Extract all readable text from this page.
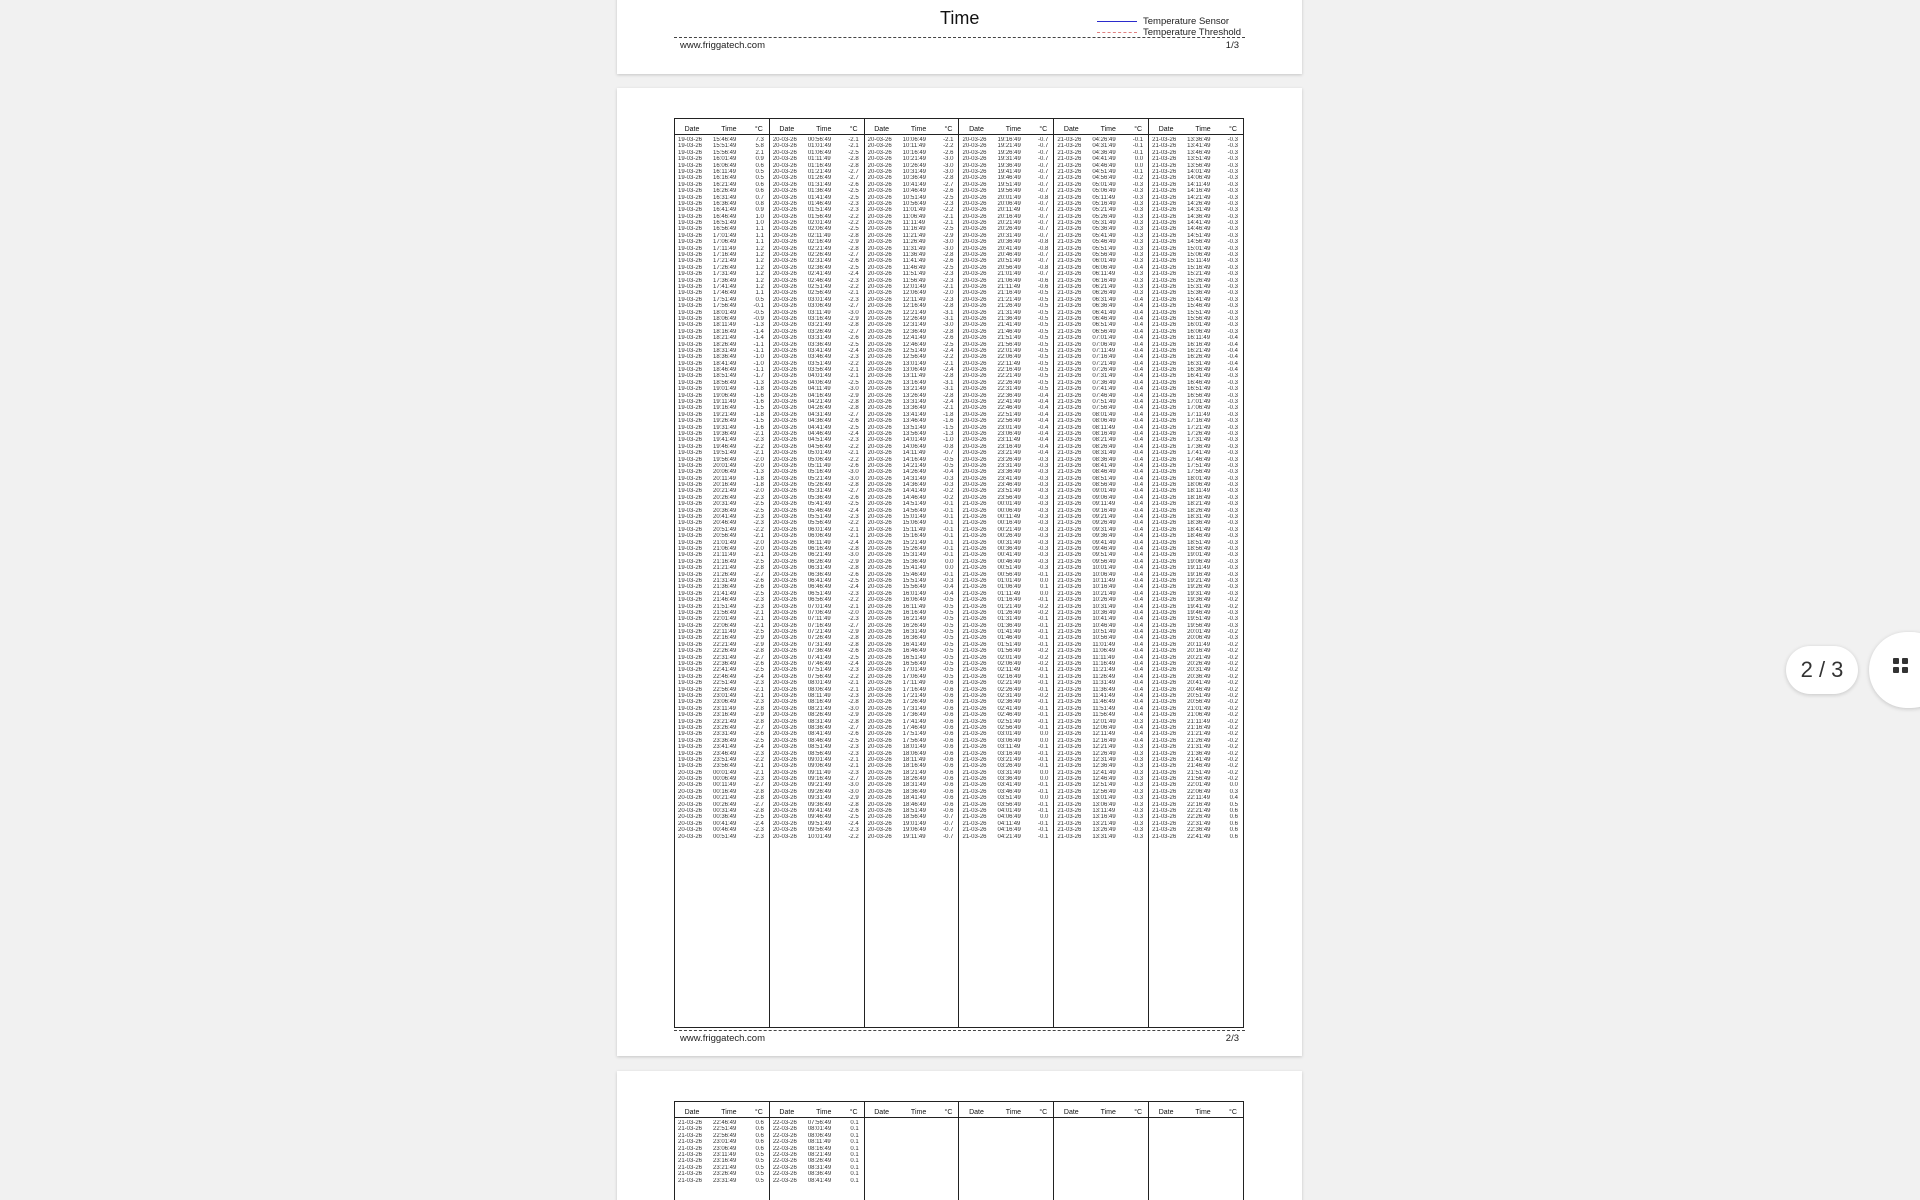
Time	Temperature Sensor
Temperature Threshold
www.friggatech.com	1/3
Date	Time	°C
19-03-26	15:46:49	7.3
19-03-26	15:51:49	5.8
19-03-26	15:56:49	2.1
19-03-26	16:01:49	0.9
19-03-26	16:06:49	0.6
19-03-26	16:11:49	0.5
19-03-26	16:16:49	0.5
19-03-26	16:21:49	0.6
19-03-26	16:26:49	0.6
19-03-26	16:31:49	0.7
19-03-26	16:36:49	0.8
19-03-26	16:41:49	0.9
19-03-26	16:46:49	1.0
19-03-26	16:51:49	1.0
19-03-26	16:56:49	1.1
19-03-26	17:01:49	1.1
19-03-26	17:06:49	1.1
19-03-26	17:11:49	1.2
19-03-26	17:16:49	1.2
19-03-26	17:21:49	1.2
19-03-26	17:26:49	1.2
19-03-26	17:31:49	1.2
19-03-26	17:36:49	1.2
19-03-26	17:41:49	1.2
19-03-26	17:46:49	1.1
19-03-26	17:51:49	0.5
19-03-26	17:56:49	-0.1
19-03-26	18:01:49	-0.5
19-03-26	18:06:49	-0.9
19-03-26	18:11:49	-1.3
19-03-26	18:16:49	-1.4
19-03-26	18:21:49	-1.4
19-03-26	18:26:49	-1.1
19-03-26	18:31:49	-1.1
19-03-26	18:36:49	-1.0
19-03-26	18:41:49	-1.0
19-03-26	18:46:49	-1.1
19-03-26	18:51:49	-1.7
19-03-26	18:56:49	-1.3
19-03-26	19:01:49	-1.8
19-03-26	19:06:49	-1.6
19-03-26	19:11:49	-1.6
19-03-26	19:16:49	-1.5
19-03-26	19:21:49	-1.8
19-03-26	19:26:49	-1.5
19-03-26	19:31:49	-1.6
19-03-26	19:36:49	-2.1
19-03-26	19:41:49	-2.3
19-03-26	19:46:49	-2.2
19-03-26	19:51:49	-2.1
19-03-26	19:56:49	-2.0
19-03-26	20:01:49	-2.0
19-03-26	20:06:49	-1.3
19-03-26	20:11:49	-1.8
19-03-26	20:16:49	-1.8
19-03-26	20:21:49	-2.0
19-03-26	20:26:49	-2.3
19-03-26	20:31:49	-2.5
19-03-26	20:36:49	-2.5
19-03-26	20:41:49	-2.3
19-03-26	20:46:49	-2.3
19-03-26	20:51:49	-2.2
19-03-26	20:56:49	-2.1
19-03-26	21:01:49	-2.0
19-03-26	21:06:49	-2.0
19-03-26	21:11:49	-2.1
19-03-26	21:16:49	-2.5
19-03-26	21:21:49	-2.8
19-03-26	21:26:49	-2.7
19-03-26	21:31:49	-2.6
19-03-26	21:36:49	-2.6
19-03-26	21:41:49	-2.5
19-03-26	21:46:49	-2.3
19-03-26	21:51:49	-2.3
19-03-26	21:56:49	-2.1
19-03-26	22:01:49	-2.1
19-03-26	22:06:49	-2.1
19-03-26	22:11:49	-2.5
19-03-26	22:16:49	-2.9
19-03-26	22:21:49	-2.9
19-03-26	22:26:49	-2.8
19-03-26	22:31:49	-2.7
19-03-26	22:36:49	-2.6
19-03-26	22:41:49	-2.5
19-03-26	22:46:49	-2.4
19-03-26	22:51:49	-2.3
19-03-26	22:56:49	-2.1
19-03-26	23:01:49	-2.1
19-03-26	23:06:49	-2.3
19-03-26	23:11:49	-2.8
19-03-26	23:16:49	-2.9
19-03-26	23:21:49	-2.8
19-03-26	23:26:49	-2.7
19-03-26	23:31:49	-2.6
19-03-26	23:36:49	-2.5
19-03-26	23:41:49	-2.4
19-03-26	23:46:49	-2.3
19-03-26	23:51:49	-2.2
19-03-26	23:56:49	-2.1
20-03-26	00:01:49	-2.1
20-03-26	00:06:49	-2.3
20-03-26	00:11:49	-2.7
20-03-26	00:16:49	-2.8
20-03-26	00:21:49	-2.8
20-03-26	00:26:49	-2.7
20-03-26	00:31:49	-2.8
20-03-26	00:36:49	-2.5
20-03-26	00:41:49	-2.4
20-03-26	00:46:49	-2.3
20-03-26	00:51:49	-2.3
Date	Time	°C
20-03-26	00:56:49	-2.1
20-03-26	01:01:49	-2.1
20-03-26	01:06:49	-2.5
20-03-26	01:11:49	-2.8
20-03-26	01:16:49	-2.8
20-03-26	01:21:49	-2.7
20-03-26	01:26:49	-2.7
20-03-26	01:31:49	-2.6
20-03-26	01:36:49	-2.5
20-03-26	01:41:49	-2.5
20-03-26	01:46:49	-2.3
20-03-26	01:51:49	-2.3
20-03-26	01:56:49	-2.2
20-03-26	02:01:49	-2.2
20-03-26	02:06:49	-2.5
20-03-26	02:11:49	-2.8
20-03-26	02:16:49	-2.9
20-03-26	02:21:49	-2.8
20-03-26	02:26:49	-2.7
20-03-26	02:31:49	-2.6
20-03-26	02:36:49	-2.5
20-03-26	02:41:49	-2.4
20-03-26	02:46:49	-2.3
20-03-26	02:51:49	-2.2
20-03-26	02:56:49	-2.1
20-03-26	03:01:49	-2.3
20-03-26	03:06:49	-2.7
20-03-26	03:11:49	-3.0
20-03-26	03:16:49	-2.9
20-03-26	03:21:49	-2.8
20-03-26	03:26:49	-2.7
20-03-26	03:31:49	-2.6
20-03-26	03:36:49	-2.5
20-03-26	03:41:49	-2.4
20-03-26	03:46:49	-2.3
20-03-26	03:51:49	-2.2
20-03-26	03:56:49	-2.1
20-03-26	04:01:49	-2.1
20-03-26	04:06:49	-2.5
20-03-26	04:11:49	-3.0
20-03-26	04:16:49	-2.9
20-03-26	04:21:49	-2.8
20-03-26	04:26:49	-2.8
20-03-26	04:31:49	-2.7
20-03-26	04:36:49	-2.6
20-03-26	04:41:49	-2.5
20-03-26	04:46:49	-2.4
20-03-26	04:51:49	-2.3
20-03-26	04:56:49	-2.2
20-03-26	05:01:49	-2.1
20-03-26	05:06:49	-2.2
20-03-26	05:11:49	-2.6
20-03-26	05:16:49	-3.0
20-03-26	05:21:49	-3.0
20-03-26	05:26:49	-2.8
20-03-26	05:31:49	-2.7
20-03-26	05:36:49	-2.6
20-03-26	05:41:49	-2.5
20-03-26	05:46:49	-2.4
20-03-26	05:51:49	-2.3
20-03-26	05:56:49	-2.2
20-03-26	06:01:49	-2.1
20-03-26	06:06:49	-2.1
20-03-26	06:11:49	-2.4
20-03-26	06:16:49	-2.8
20-03-26	06:21:49	-3.0
20-03-26	06:26:49	-2.9
20-03-26	06:31:49	-2.8
20-03-26	06:36:49	-2.6
20-03-26	06:41:49	-2.5
20-03-26	06:46:49	-2.4
20-03-26	06:51:49	-2.3
20-03-26	06:56:49	-2.2
20-03-26	07:01:49	-2.1
20-03-26	07:06:49	-2.0
20-03-26	07:11:49	-2.3
20-03-26	07:16:49	-2.7
20-03-26	07:21:49	-2.9
20-03-26	07:26:49	-2.8
20-03-26	07:31:49	-2.8
20-03-26	07:36:49	-2.6
20-03-26	07:41:49	-2.5
20-03-26	07:46:49	-2.4
20-03-26	07:51:49	-2.3
20-03-26	07:56:49	-2.2
20-03-26	08:01:49	-2.1
20-03-26	08:06:49	-2.1
20-03-26	08:11:49	-2.3
20-03-26	08:16:49	-2.8
20-03-26	08:21:49	-3.0
20-03-26	08:26:49	-2.9
20-03-26	08:31:49	-2.8
20-03-26	08:36:49	-2.7
20-03-26	08:41:49	-2.6
20-03-26	08:46:49	-2.5
20-03-26	08:51:49	-2.3
20-03-26	08:56:49	-2.3
20-03-26	09:01:49	-2.1
20-03-26	09:06:49	-2.1
20-03-26	09:11:49	-2.3
20-03-26	09:16:49	-2.7
20-03-26	09:21:49	-3.0
20-03-26	09:26:49	-3.0
20-03-26	09:31:49	-2.9
20-03-26	09:36:49	-2.8
20-03-26	09:41:49	-2.6
20-03-26	09:46:49	-2.5
20-03-26	09:51:49	-2.4
20-03-26	09:56:49	-2.3
20-03-26	10:01:49	-2.2
Date	Time	°C
20-03-26	10:06:49	-2.1
20-03-26	10:11:49	-2.2
20-03-26	10:16:49	-2.6
20-03-26	10:21:49	-3.0
20-03-26	10:26:49	-3.0
20-03-26	10:31:49	-3.0
20-03-26	10:36:49	-2.8
20-03-26	10:41:49	-2.7
20-03-26	10:46:49	-2.6
20-03-26	10:51:49	-2.5
20-03-26	10:56:49	-2.3
20-03-26	11:01:49	-2.2
20-03-26	11:06:49	-2.1
20-03-26	11:11:49	-2.1
20-03-26	11:16:49	-2.5
20-03-26	11:21:49	-2.9
20-03-26	11:26:49	-3.0
20-03-26	11:31:49	-3.0
20-03-26	11:36:49	-2.8
20-03-26	11:41:49	-2.6
20-03-26	11:46:49	-2.5
20-03-26	11:51:49	-2.3
20-03-26	11:56:49	-2.3
20-03-26	12:01:49	-2.1
20-03-26	12:06:49	-2.0
20-03-26	12:11:49	-2.3
20-03-26	12:16:49	-2.8
20-03-26	12:21:49	-3.1
20-03-26	12:26:49	-3.1
20-03-26	12:31:49	-3.0
20-03-26	12:36:49	-2.8
20-03-26	12:41:49	-2.6
20-03-26	12:46:49	-2.5
20-03-26	12:51:49	-2.4
20-03-26	12:56:49	-2.2
20-03-26	13:01:49	-2.1
20-03-26	13:06:49	-2.4
20-03-26	13:11:49	-2.8
20-03-26	13:16:49	-3.1
20-03-26	13:21:49	-3.1
20-03-26	13:26:49	-2.8
20-03-26	13:31:49	-2.4
20-03-26	13:36:49	-2.1
20-03-26	13:41:49	-1.8
20-03-26	13:46:49	-1.6
20-03-26	13:51:49	-1.5
20-03-26	13:56:49	-1.3
20-03-26	14:01:49	-1.0
20-03-26	14:06:49	-0.8
20-03-26	14:11:49	-0.7
20-03-26	14:16:49	-0.5
20-03-26	14:21:49	-0.5
20-03-26	14:26:49	-0.4
20-03-26	14:31:49	-0.3
20-03-26	14:36:49	-0.3
20-03-26	14:41:49	-0.2
20-03-26	14:46:49	-0.2
20-03-26	14:51:49	-0.1
20-03-26	14:56:49	-0.1
20-03-26	15:01:49	-0.1
20-03-26	15:06:49	-0.1
20-03-26	15:11:49	-0.1
20-03-26	15:16:49	-0.1
20-03-26	15:21:49	-0.1
20-03-26	15:26:49	-0.1
20-03-26	15:31:49	-0.1
20-03-26	15:36:49	0.0
20-03-26	15:41:49	0.0
20-03-26	15:46:49	-0.1
20-03-26	15:51:49	-0.3
20-03-26	15:56:49	-0.4
20-03-26	16:01:49	-0.4
20-03-26	16:06:49	-0.5
20-03-26	16:11:49	-0.5
20-03-26	16:16:49	-0.5
20-03-26	16:21:49	-0.5
20-03-26	16:26:49	-0.5
20-03-26	16:31:49	-0.5
20-03-26	16:36:49	-0.5
20-03-26	16:41:49	-0.5
20-03-26	16:46:49	-0.5
20-03-26	16:51:49	-0.5
20-03-26	16:56:49	-0.5
20-03-26	17:01:49	-0.5
20-03-26	17:06:49	-0.5
20-03-26	17:11:49	-0.6
20-03-26	17:16:49	-0.6
20-03-26	17:21:49	-0.6
20-03-26	17:26:49	-0.6
20-03-26	17:31:49	-0.6
20-03-26	17:36:49	-0.6
20-03-26	17:41:49	-0.6
20-03-26	17:46:49	-0.6
20-03-26	17:51:49	-0.6
20-03-26	17:56:49	-0.6
20-03-26	18:01:49	-0.6
20-03-26	18:06:49	-0.6
20-03-26	18:11:49	-0.6
20-03-26	18:16:49	-0.6
20-03-26	18:21:49	-0.6
20-03-26	18:26:49	-0.6
20-03-26	18:31:49	-0.6
20-03-26	18:36:49	-0.6
20-03-26	18:41:49	-0.6
20-03-26	18:46:49	-0.6
20-03-26	18:51:49	-0.6
20-03-26	18:56:49	-0.7
20-03-26	19:01:49	-0.7
20-03-26	19:06:49	-0.7
20-03-26	19:11:49	-0.7
Date	Time	°C
20-03-26	19:16:49	-0.7
20-03-26	19:21:49	-0.7
20-03-26	19:26:49	-0.7
20-03-26	19:31:49	-0.7
20-03-26	19:36:49	-0.7
20-03-26	19:41:49	-0.7
20-03-26	19:46:49	-0.7
20-03-26	19:51:49	-0.7
20-03-26	19:56:49	-0.7
20-03-26	20:01:49	-0.8
20-03-26	20:06:49	-0.7
20-03-26	20:11:49	-0.7
20-03-26	20:16:49	-0.7
20-03-26	20:21:49	-0.7
20-03-26	20:26:49	-0.7
20-03-26	20:31:49	-0.7
20-03-26	20:36:49	-0.8
20-03-26	20:41:49	-0.8
20-03-26	20:46:49	-0.7
20-03-26	20:51:49	-0.7
20-03-26	20:56:49	-0.8
20-03-26	21:01:49	-0.7
20-03-26	21:06:49	-0.6
20-03-26	21:11:49	-0.6
20-03-26	21:16:49	-0.5
20-03-26	21:21:49	-0.5
20-03-26	21:26:49	-0.5
20-03-26	21:31:49	-0.5
20-03-26	21:36:49	-0.5
20-03-26	21:41:49	-0.5
20-03-26	21:46:49	-0.5
20-03-26	21:51:49	-0.5
20-03-26	21:56:49	-0.5
20-03-26	22:01:49	-0.5
20-03-26	22:06:49	-0.5
20-03-26	22:11:49	-0.5
20-03-26	22:16:49	-0.5
20-03-26	22:21:49	-0.5
20-03-26	22:26:49	-0.5
20-03-26	22:31:49	-0.5
20-03-26	22:36:49	-0.4
20-03-26	22:41:49	-0.4
20-03-26	22:46:49	-0.4
20-03-26	22:51:49	-0.4
20-03-26	22:56:49	-0.4
20-03-26	23:01:49	-0.4
20-03-26	23:06:49	-0.4
20-03-26	23:11:49	-0.4
20-03-26	23:16:49	-0.4
20-03-26	23:21:49	-0.4
20-03-26	23:26:49	-0.3
20-03-26	23:31:49	-0.3
20-03-26	23:36:49	-0.3
20-03-26	23:41:49	-0.3
20-03-26	23:46:49	-0.3
20-03-26	23:51:49	-0.3
20-03-26	23:56:49	-0.3
21-03-26	00:01:49	-0.3
21-03-26	00:06:49	-0.3
21-03-26	00:11:49	-0.3
21-03-26	00:16:49	-0.3
21-03-26	00:21:49	-0.3
21-03-26	00:26:49	-0.3
21-03-26	00:31:49	-0.3
21-03-26	00:36:49	-0.3
21-03-26	00:41:49	-0.3
21-03-26	00:46:49	-0.3
21-03-26	00:51:49	-0.3
21-03-26	00:56:49	-0.1
21-03-26	01:01:49	0.0
21-03-26	01:06:49	0.1
21-03-26	01:11:49	0.0
21-03-26	01:16:49	-0.1
21-03-26	01:21:49	-0.2
21-03-26	01:26:49	-0.2
21-03-26	01:31:49	-0.1
21-03-26	01:36:49	-0.1
21-03-26	01:41:49	-0.1
21-03-26	01:46:49	-0.1
21-03-26	01:51:49	-0.1
21-03-26	01:56:49	-0.2
21-03-26	02:01:49	-0.2
21-03-26	02:06:49	-0.2
21-03-26	02:11:49	-0.1
21-03-26	02:16:49	-0.1
21-03-26	02:21:49	-0.1
21-03-26	02:26:49	-0.1
21-03-26	02:31:49	-0.2
21-03-26	02:36:49	-0.1
21-03-26	02:41:49	-0.1
21-03-26	02:46:49	-0.1
21-03-26	02:51:49	-0.1
21-03-26	02:56:49	-0.1
21-03-26	03:01:49	0.0
21-03-26	03:06:49	0.0
21-03-26	03:11:49	-0.1
21-03-26	03:16:49	-0.1
21-03-26	03:21:49	-0.1
21-03-26	03:26:49	-0.1
21-03-26	03:31:49	0.0
21-03-26	03:36:49	0.0
21-03-26	03:41:49	-0.1
21-03-26	03:46:49	-0.1
21-03-26	03:51:49	0.0
21-03-26	03:56:49	-0.1
21-03-26	04:01:49	-0.1
21-03-26	04:06:49	0.0
21-03-26	04:11:49	-0.1
21-03-26	04:16:49	-0.1
21-03-26	04:21:49	-0.1
Date	Time	°C
21-03-26	04:26:49	-0.1
21-03-26	04:31:49	-0.1
21-03-26	04:36:49	-0.1
21-03-26	04:41:49	0.0
21-03-26	04:46:49	0.0
21-03-26	04:51:49	-0.1
21-03-26	04:56:49	-0.2
21-03-26	05:01:49	-0.3
21-03-26	05:06:49	-0.3
21-03-26	05:11:49	-0.3
21-03-26	05:16:49	-0.3
21-03-26	05:21:49	-0.3
21-03-26	05:26:49	-0.3
21-03-26	05:31:49	-0.3
21-03-26	05:36:49	-0.3
21-03-26	05:41:49	-0.3
21-03-26	05:46:49	-0.3
21-03-26	05:51:49	-0.3
21-03-26	05:56:49	-0.3
21-03-26	06:01:49	-0.3
21-03-26	06:06:49	-0.4
21-03-26	06:11:49	-0.3
21-03-26	06:16:49	-0.3
21-03-26	06:21:49	-0.3
21-03-26	06:26:49	-0.3
21-03-26	06:31:49	-0.4
21-03-26	06:36:49	-0.4
21-03-26	06:41:49	-0.4
21-03-26	06:46:49	-0.4
21-03-26	06:51:49	-0.4
21-03-26	06:56:49	-0.4
21-03-26	07:01:49	-0.4
21-03-26	07:06:49	-0.4
21-03-26	07:11:49	-0.4
21-03-26	07:16:49	-0.4
21-03-26	07:21:49	-0.4
21-03-26	07:26:49	-0.4
21-03-26	07:31:49	-0.4
21-03-26	07:36:49	-0.4
21-03-26	07:41:49	-0.4
21-03-26	07:46:49	-0.4
21-03-26	07:51:49	-0.4
21-03-26	07:56:49	-0.4
21-03-26	08:01:49	-0.4
21-03-26	08:06:49	-0.4
21-03-26	08:11:49	-0.4
21-03-26	08:16:49	-0.4
21-03-26	08:21:49	-0.4
21-03-26	08:26:49	-0.4
21-03-26	08:31:49	-0.4
21-03-26	08:36:49	-0.4
21-03-26	08:41:49	-0.4
21-03-26	08:46:49	-0.4
21-03-26	08:51:49	-0.4
21-03-26	08:56:49	-0.4
21-03-26	09:01:49	-0.4
21-03-26	09:06:49	-0.4
21-03-26	09:11:49	-0.4
21-03-26	09:16:49	-0.4
21-03-26	09:21:49	-0.4
21-03-26	09:26:49	-0.4
21-03-26	09:31:49	-0.4
21-03-26	09:36:49	-0.4
21-03-26	09:41:49	-0.4
21-03-26	09:46:49	-0.4
21-03-26	09:51:49	-0.4
21-03-26	09:56:49	-0.4
21-03-26	10:01:49	-0.4
21-03-26	10:06:49	-0.4
21-03-26	10:11:49	-0.4
21-03-26	10:16:49	-0.4
21-03-26	10:21:49	-0.4
21-03-26	10:26:49	-0.4
21-03-26	10:31:49	-0.4
21-03-26	10:36:49	-0.4
21-03-26	10:41:49	-0.4
21-03-26	10:46:49	-0.4
21-03-26	10:51:49	-0.4
21-03-26	10:56:49	-0.4
21-03-26	11:01:49	-0.4
21-03-26	11:06:49	-0.4
21-03-26	11:11:49	-0.4
21-03-26	11:16:49	-0.4
21-03-26	11:21:49	-0.4
21-03-26	11:26:49	-0.4
21-03-26	11:31:49	-0.4
21-03-26	11:36:49	-0.4
21-03-26	11:41:49	-0.4
21-03-26	11:46:49	-0.4
21-03-26	11:51:49	-0.4
21-03-26	11:56:49	-0.4
21-03-26	12:01:49	-0.3
21-03-26	12:06:49	-0.4
21-03-26	12:11:49	-0.4
21-03-26	12:16:49	-0.4
21-03-26	12:21:49	-0.3
21-03-26	12:26:49	-0.3
21-03-26	12:31:49	-0.3
21-03-26	12:36:49	-0.3
21-03-26	12:41:49	-0.3
21-03-26	12:46:49	-0.3
21-03-26	12:51:49	-0.3
21-03-26	12:56:49	-0.3
21-03-26	13:01:49	-0.3
21-03-26	13:06:49	-0.3
21-03-26	13:11:49	-0.3
21-03-26	13:16:49	-0.3
21-03-26	13:21:49	-0.3
21-03-26	13:26:49	-0.3
21-03-26	13:31:49	-0.3
Date	Time	°C
21-03-26	13:36:49	-0.3
21-03-26	13:41:49	-0.3
21-03-26	13:46:49	-0.3
21-03-26	13:51:49	-0.3
21-03-26	13:56:49	-0.3
21-03-26	14:01:49	-0.3
21-03-26	14:06:49	-0.3
21-03-26	14:11:49	-0.3
21-03-26	14:16:49	-0.3
21-03-26	14:21:49	-0.3
21-03-26	14:26:49	-0.3
21-03-26	14:31:49	-0.3
21-03-26	14:36:49	-0.3
21-03-26	14:41:49	-0.3
21-03-26	14:46:49	-0.3
21-03-26	14:51:49	-0.3
21-03-26	14:56:49	-0.3
21-03-26	15:01:49	-0.3
21-03-26	15:06:49	-0.3
21-03-26	15:11:49	-0.3
21-03-26	15:16:49	-0.3
21-03-26	15:21:49	-0.3
21-03-26	15:26:49	-0.3
21-03-26	15:31:49	-0.3
21-03-26	15:36:49	-0.3
21-03-26	15:41:49	-0.3
21-03-26	15:46:49	-0.3
21-03-26	15:51:49	-0.3
21-03-26	15:56:49	-0.3
21-03-26	16:01:49	-0.3
21-03-26	16:06:49	-0.3
21-03-26	16:11:49	-0.4
21-03-26	16:16:49	-0.4
21-03-26	16:21:49	-0.4
21-03-26	16:26:49	-0.4
21-03-26	16:31:49	-0.4
21-03-26	16:36:49	-0.4
21-03-26	16:41:49	-0.3
21-03-26	16:46:49	-0.3
21-03-26	16:51:49	-0.3
21-03-26	16:56:49	-0.3
21-03-26	17:01:49	-0.3
21-03-26	17:06:49	-0.3
21-03-26	17:11:49	-0.3
21-03-26	17:16:49	-0.3
21-03-26	17:21:49	-0.3
21-03-26	17:26:49	-0.3
21-03-26	17:31:49	-0.3
21-03-26	17:36:49	-0.3
21-03-26	17:41:49	-0.3
21-03-26	17:46:49	-0.3
21-03-26	17:51:49	-0.3
21-03-26	17:56:49	-0.3
21-03-26	18:01:49	-0.3
21-03-26	18:06:49	-0.3
21-03-26	18:11:49	-0.3
21-03-26	18:16:49	-0.3
21-03-26	18:21:49	-0.3
21-03-26	18:26:49	-0.3
21-03-26	18:31:49	-0.3
21-03-26	18:36:49	-0.3
21-03-26	18:41:49	-0.3
21-03-26	18:46:49	-0.3
21-03-26	18:51:49	-0.3
21-03-26	18:56:49	-0.3
21-03-26	19:01:49	-0.3
21-03-26	19:06:49	-0.3
21-03-26	19:11:49	-0.3
21-03-26	19:16:49	-0.3
21-03-26	19:21:49	-0.3
21-03-26	19:26:49	-0.3
21-03-26	19:31:49	-0.3
21-03-26	19:36:49	-0.2
21-03-26	19:41:49	-0.2
21-03-26	19:46:49	-0.3
21-03-26	19:51:49	-0.3
21-03-26	19:56:49	-0.3
21-03-26	20:01:49	-0.2
21-03-26	20:06:49	-0.3
21-03-26	20:11:49	-0.2
21-03-26	20:16:49	-0.2
21-03-26	20:21:49	-0.2
21-03-26	20:26:49	-0.2
21-03-26	20:31:49	-0.2
21-03-26	20:36:49	-0.2
21-03-26	20:41:49	-0.2
21-03-26	20:46:49	-0.2
21-03-26	20:51:49	-0.2
21-03-26	20:56:49	-0.2
21-03-26	21:01:49	-0.2
21-03-26	21:06:49	-0.2
21-03-26	21:11:49	-0.2
21-03-26	21:16:49	-0.2
21-03-26	21:21:49	-0.2
21-03-26	21:26:49	-0.2
21-03-26	21:31:49	-0.2
21-03-26	21:36:49	-0.2
21-03-26	21:41:49	-0.2
21-03-26	21:46:49	-0.2
21-03-26	21:51:49	-0.2
21-03-26	21:56:49	-0.2
21-03-26	22:01:49	0.0
21-03-26	22:06:49	0.3
21-03-26	22:11:49	0.4
21-03-26	22:16:49	0.5
21-03-26	22:21:49	0.6
21-03-26	22:26:49	0.6
21-03-26	22:31:49	0.6
21-03-26	22:36:49	0.6
21-03-26	22:41:49	0.6
www.friggatech.com	2/3
Date	Time	°C
21-03-26	22:46:49	0.6
21-03-26	22:51:49	0.6
21-03-26	22:56:49	0.6
21-03-26	23:01:49	0.6
21-03-26	23:06:49	0.6
21-03-26	23:11:49	0.5
21-03-26	23:16:49	0.5
21-03-26	23:21:49	0.5
21-03-26	23:26:49	0.5
21-03-26	23:31:49	0.5
Date	Time	°C
22-03-26	07:56:49	0.1
22-03-26	08:01:49	0.1
22-03-26	08:06:49	0.1
22-03-26	08:11:49	0.1
22-03-26	08:16:49	0.1
22-03-26	08:21:49	0.1
22-03-26	08:26:49	0.1
22-03-26	08:31:49	0.1
22-03-26	08:36:49	0.1
22-03-26	08:41:49	0.1
Date	Time	°C	Date	Time	°C	Date	Time	°C	Date	Time	°C
2 / 3
